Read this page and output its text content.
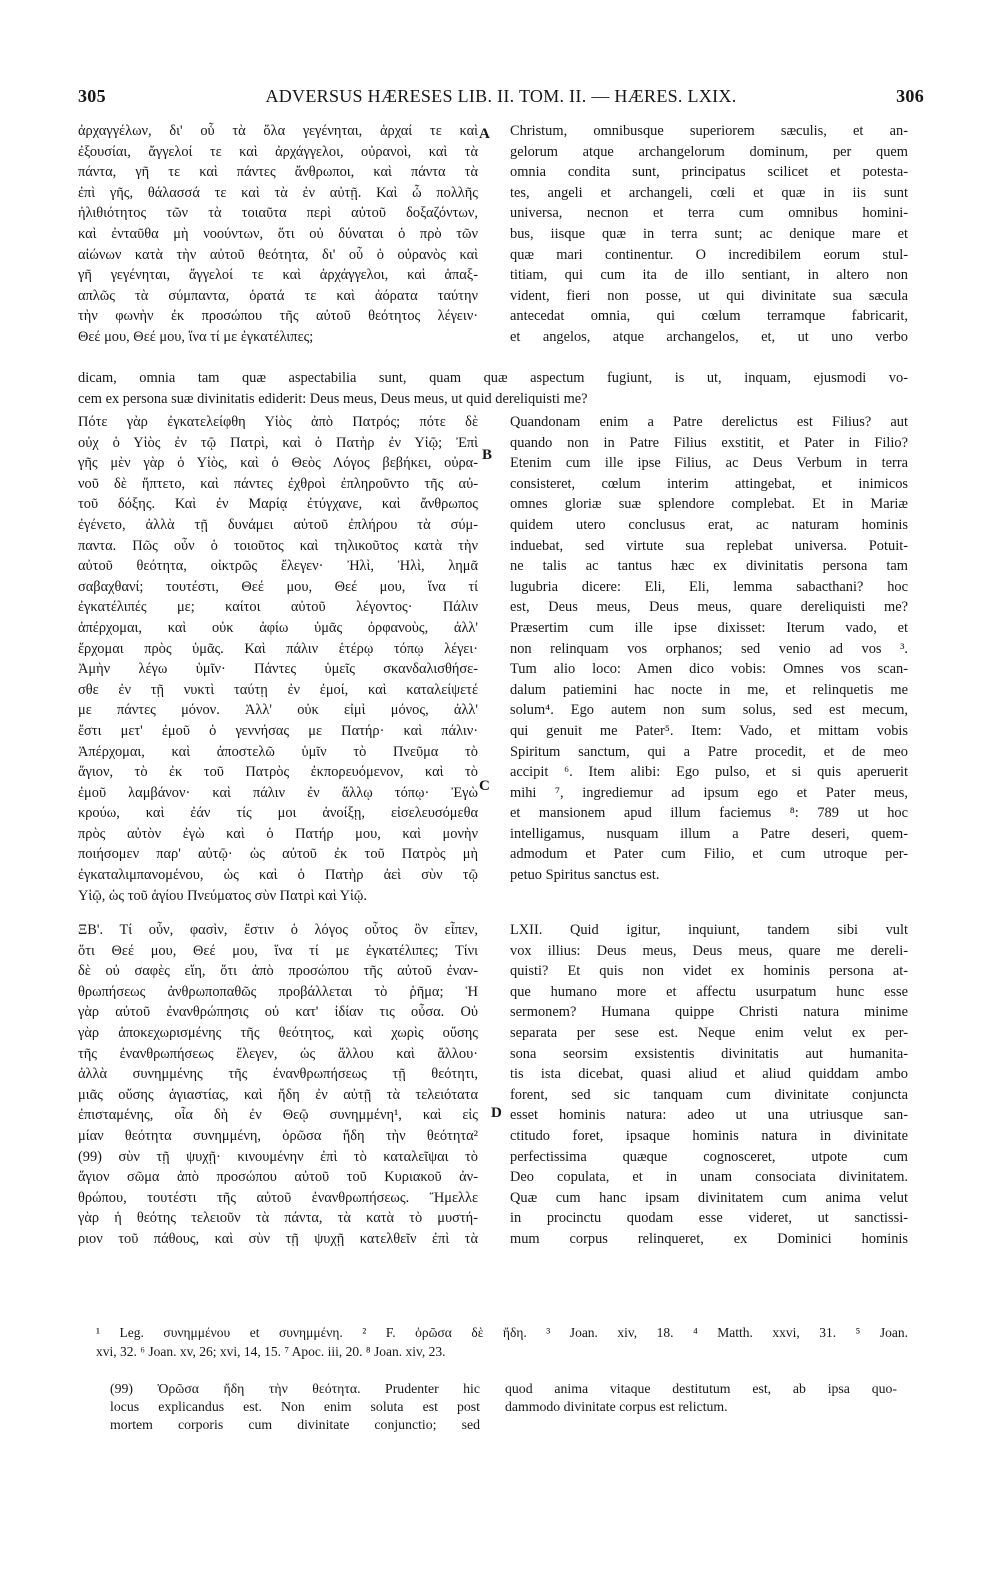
305	ADVERSUS HÆRESES LIB. II. TOM. II. — HÆRES. LXIX.	306
A
B
C
D
ἀρχαγγέλων, δι' οὗ τὰ ὅλα γεγένηται, ἀρχαί τε καὶ
ἐξουσίαι, ἄγγελοί τε καὶ ἀρχάγγελοι, οὐρανοὶ, καὶ τὰ
πάντα, γῆ τε καὶ πάντες ἄνθρωποι, καὶ πάντα τὰ
ἐπὶ γῆς, θάλασσά τε καὶ τὰ ἐν αὐτῇ. Καὶ ὦ πολλῆς
ἠλιθιότητος τῶν τὰ τοιαῦτα περὶ αὐτοῦ δοξαζόντων,
καὶ ἐνταῦθα μὴ νοούντων, ὅτι οὐ δύναται ὁ πρὸ τῶν
αἰώνων κατὰ τὴν αὐτοῦ θεότητα, δι' οὗ ὁ οὐρανὸς καὶ
γῆ γεγένηται, ἄγγελοί τε καὶ ἀρχάγγελοι, καὶ ἁπαξ-
απλῶς τὰ σύμπαντα, ὁρατά τε καὶ ἀόρατα ταύτην
τὴν φωνὴν ἐκ προσώπου τῆς αὐτοῦ θεότητος λέγειν·
Θεέ μου, Θεέ μου, ἵνα τί με ἐγκατέλιπες;
Christum, omnibusque superiorem sæculis, et an-
gelorum atque archangelorum dominum, per quem
omnia condita sunt, principatus scilicet et potesta-
tes, angeli et archangeli, cœli et quæ in iis sunt
universa, necnon et terra cum omnibus homini-
bus, iisque quæ in terra sunt; ac denique mare et
quæ mari continentur. O incredibilem eorum stul-
titiam, qui cum ita de illo sentiant, in altero non
vident, fieri non posse, ut qui divinitate sua sæcula
antecedat omnia, qui cœlum terramque fabricarit,
et angelos, atque archangelos, et, ut uno verbo
dicam, omnia tam quæ aspectabilia sunt, quam quæ aspectum fugiunt, is ut, inquam, ejusmodi vo-
cem ex persona suæ divinitatis ediderit: Deus meus, Deus meus, ut quid dereliquisti me?
Πότε γὰρ ἐγκατελείφθη Υἱὸς ἀπὸ Πατρός; πότε δὲ
οὐχ ὁ Υἱὸς ἐν τῷ Πατρὶ, καὶ ὁ Πατὴρ ἐν Υἱῷ; Ἐπὶ
γῆς μὲν γὰρ ὁ Υἱὸς, καὶ ὁ Θεὸς Λόγος βεβήκει, οὐρα-
νοῦ δὲ ἥπτετο, καὶ πάντες ἐχθροὶ ἐπληροῦντο τῆς αὐ-
τοῦ δόξης. Καὶ ἐν Μαρίᾳ ἐτύγχανε, καὶ ἄνθρωπος
ἐγένετο, ἀλλὰ τῇ δυνάμει αὐτοῦ ἐπλήρου τὰ σύμ-
παντα. Πῶς οὖν ὁ τοιοῦτος καὶ τηλικοῦτος κατὰ τὴν
αὐτοῦ θεότητα, οἰκτρῶς ἔλεγεν· Ἠλὶ, Ἠλὶ, λημᾶ
σαβαχθανί; τουτέστι, Θεέ μου, Θεέ μου, ἵνα τί
ἐγκατέλιπές με; καίτοι αὐτοῦ λέγοντος· Πάλιν
ἀπέρχομαι, καὶ οὐκ ἀφίω ὑμᾶς ὀρφανοὺς, ἀλλ'
ἔρχομαι πρὸς ὑμᾶς. Καὶ πάλιν ἑτέρῳ τόπῳ λέγει·
Ἀμὴν λέγω ὑμῖν· Πάντες ὑμεῖς σκανδαλισθήσε-
σθε ἐν τῇ νυκτὶ ταύτῃ ἐν ἐμοί, καὶ καταλείψετέ
με πάντες μόνον. Ἀλλ' οὐκ εἰμὶ μόνος, ἀλλ'
ἔστι μετ' ἐμοῦ ὁ γεννήσας με Πατήρ· καὶ πάλιν·
Ἀπέρχομαι, καὶ ἀποστελῶ ὑμῖν τὸ Πνεῦμα τὸ
ἅγιον, τὸ ἐκ τοῦ Πατρὸς ἐκπορευόμενον, καὶ τὸ
ἐμοῦ λαμβάνον· καὶ πάλιν ἐν ἄλλῳ τόπῳ· Ἐγὼ
κρούω, καὶ ἐάν τίς μοι ἀνοίξῃ, εἰσελευσόμεθα
πρὸς αὐτὸν ἐγὼ καὶ ὁ Πατήρ μου, καὶ μονὴν
ποιήσομεν παρ' αὐτῷ· ὡς αὐτοῦ ἐκ τοῦ Πατρὸς μὴ
ἐγκαταλιμπανομένου, ὡς καὶ ὁ Πατὴρ ἀεὶ σὺν τῷ
Υἱῷ, ὡς τοῦ ἁγίου Πνεύματος σὺν Πατρὶ καὶ Υἱῷ.
Quandonam enim a Patre derelictus est Filius? aut
quando non in Patre Filius exstitit, et Pater in Filio?
Etenim cum ille ipse Filius, ac Deus Verbum in terra
consisteret, cœlum interim attingebat, et inimicos
omnes gloriæ suæ splendore complebat. Et in Mariæ
quidem utero conclusus erat, ac naturam hominis
induebat, sed virtute sua replebat universa. Potuit-
ne talis ac tantus hæc ex divinitatis persona tam
lugubria dicere: Eli, Eli, lemma sabacthani? hoc
est, Deus meus, Deus meus, quare dereliquisti me?
Præsertim cum ille ipse dixisset: Iterum vado, et
non relinquam vos orphanos; sed venio ad vos ³.
Tum alio loco: Amen dico vobis: Omnes vos scan-
dalum patiemini hac nocte in me, et relinquetis me
solum⁴. Ego autem non sum solus, sed est mecum,
qui genuit me Pater⁵. Item: Vado, et mittam vobis
Spiritum sanctum, qui a Patre procedit, et de meo
accipit ⁶. Item alibi: Ego pulso, et si quis aperuerit
mihi ⁷, ingrediemur ad ipsum ego et Pater meus,
et mansionem apud illum faciemus ⁸: 789 ut hoc
intelligamus, nusquam illum a Patre deseri, quem-
admodum et Pater cum Filio, et cum utroque per-
petuo Spiritus sanctus est.
ΞΒ'. Τί οὖν, φασὶν, ἔστιν ὁ λόγος οὗτος ὃν εἶπεν,
ὅτι Θεέ μου, Θεέ μου, ἵνα τί με ἐγκατέλιπες; Τίνι
δὲ οὐ σαφὲς εἴη, ὅτι ἀπὸ προσώπου τῆς αὐτοῦ ἐναν-
θρωπήσεως ἀνθρωποπαθῶς προβάλλεται τὸ ῥῆμα; Ἡ
γὰρ αὐτοῦ ἐνανθρώπησις οὐ κατ' ἰδίαν τις οὖσα. Οὐ
γὰρ ἀποκεχωρισμένης τῆς θεότητος, καὶ χωρὶς οὔσης
τῆς ἐνανθρωπήσεως ἔλεγεν, ὡς ἄλλου καὶ ἄλλου·
ἀλλὰ συνημμένης τῆς ἐνανθρωπήσεως τῇ θεότητι,
μιᾶς οὔσης ἁγιαστίας, καὶ ἤδη ἐν αὐτῇ τὰ τελειότατα
ἐπισταμένης, οἷα δὴ ἐν Θεῷ συνημμένη¹, καὶ εἰς
μίαν θεότητα συνημμένη, ὁρῶσα ἤδη τὴν θεότητα²
(99) σὺν τῇ ψυχῇ· κινουμένην ἐπὶ τὸ καταλεῖψαι τὸ
ἅγιον σῶμα ἀπὸ προσώπου αὐτοῦ τοῦ Κυριακοῦ ἀν-
θρώπου, τουτέστι τῆς αὐτοῦ ἐνανθρωπήσεως. Ἤμελλε
γὰρ ἡ θεότης τελειοῦν τὰ πάντα, τὰ κατὰ τὸ μυστή-
ριον τοῦ πάθους, καὶ σὺν τῇ ψυχῇ κατελθεῖν ἐπὶ τὰ
LXII. Quid igitur, inquiunt, tandem sibi vult
vox illius: Deus meus, Deus meus, quare me dereli-
quisti? Et quis non videt ex hominis persona at-
que humano more et affectu usurpatum hunc esse
sermonem? Humana quippe Christi natura minime
separata per sese est. Neque enim velut ex per-
sona seorsim exsistentis divinitatis aut humanita-
tis ista dicebat, quasi aliud et aliud quiddam ambo
forent, sed sic tanquam cum divinitate conjuncta
esset hominis natura: adeo ut una utriusque san-
ctitudo foret, ipsaque hominis natura in divinitate
perfectissima quæque cognosceret, utpote cum
Deo copulata, et in unam consociata divinitatem.
Quæ cum hanc ipsam divinitatem cum anima velut
in procinctu quodam esse videret, ut sanctissi-
mum corpus relinqueret, ex Dominici hominis
¹ Leg. συνημμένου et συνημμένη. ² F. ὁρῶσα δὲ ἤδη. ³ Joan. xiv, 18. ⁴ Matth. xxvi, 31. ⁵ Joan.
xvi, 32. ⁶ Joan. xv, 26; xvi, 14, 15. ⁷ Apoc. iii, 20. ⁸ Joan. xiv, 23.
(99) Ὁρῶσα ἤδη τὴν θεότητα. Prudenter hic
locus explicandus est. Non enim soluta est post
mortem corporis cum divinitate conjunctio; sed
quod anima vitaque destitutum est, ab ipsa quo-
dammodo divinitate corpus est relictum.
